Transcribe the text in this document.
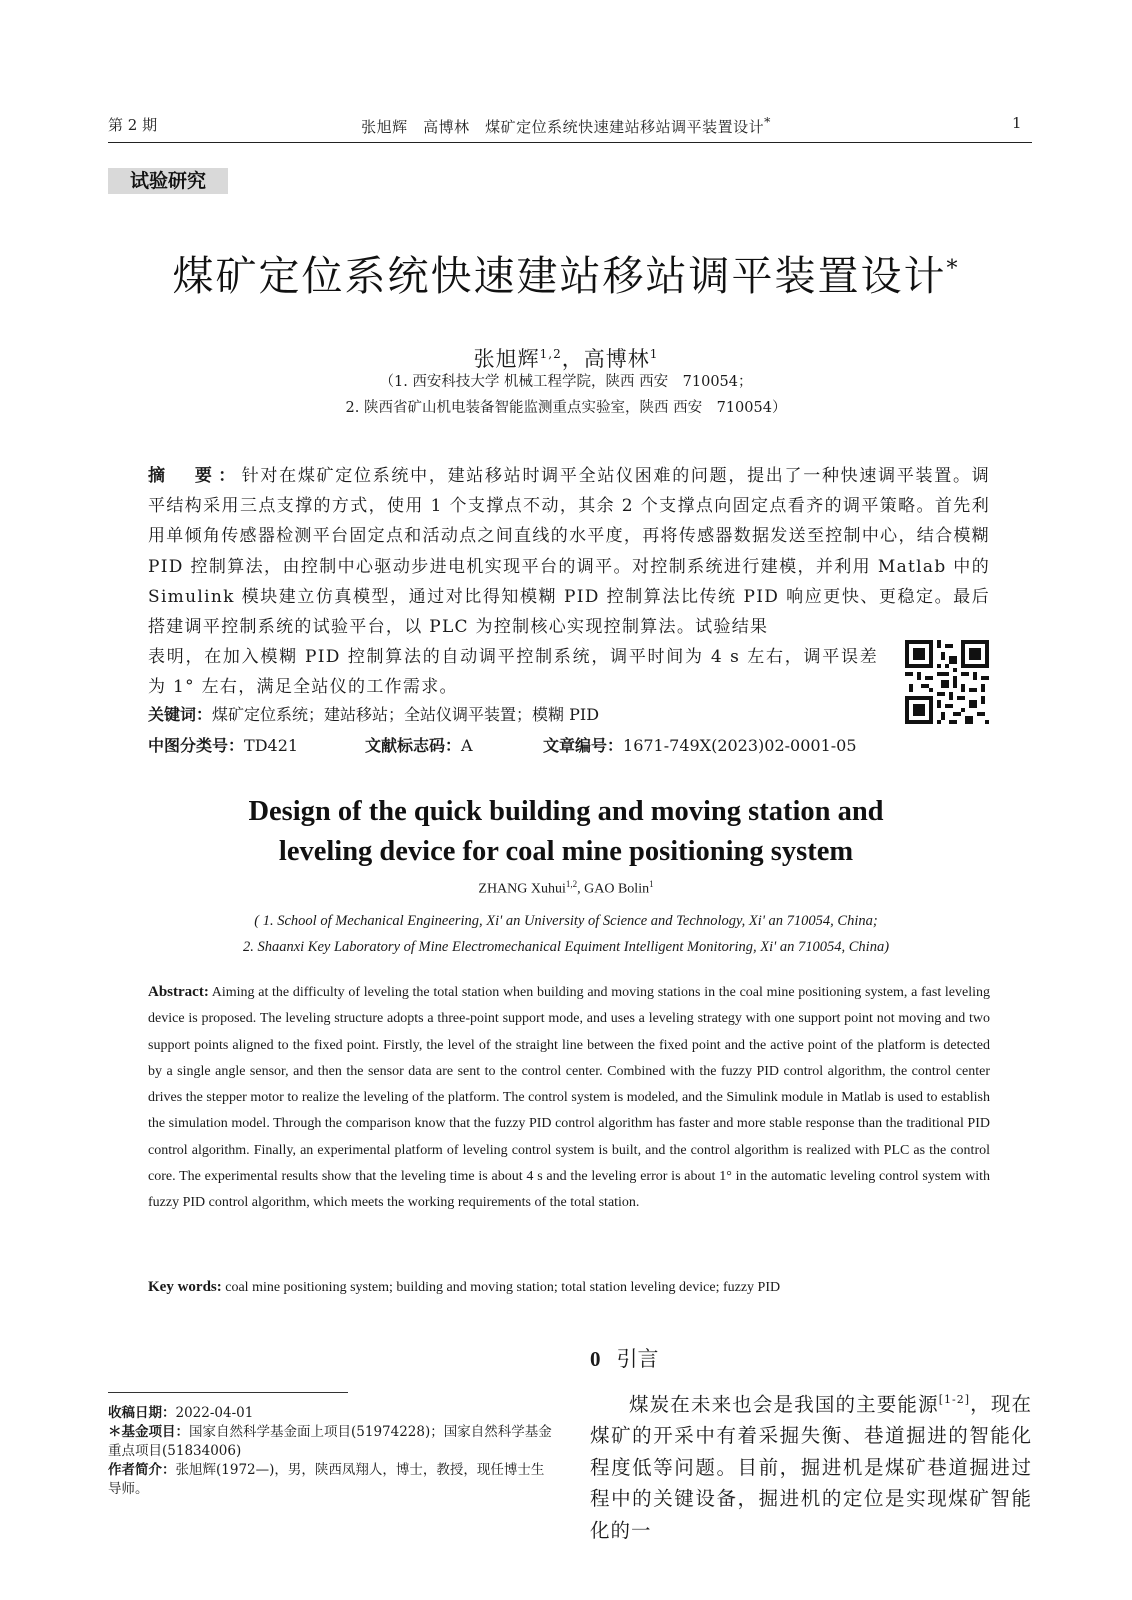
第 2 期	张旭辉　高博林　煤矿定位系统快速建站移站调平装置设计*	1
试验研究
煤矿定位系统快速建站移站调平装置设计*
张旭辉$^{1,2}$，高博林$^1$
（1. 西安科技大学 机械工程学院，陕西 西安　710054；
2. 陕西省矿山机电装备智能监测重点实验室，陕西 西安　710054）
摘　要：针对在煤矿定位系统中，建站移站时调平全站仪困难的问题，提出了一种快速调平装置。调平结构采用三点支撑的方式，使用 1 个支撑点不动，其余 2 个支撑点向固定点看齐的调平策略。首先利用单倾角传感器检测平台固定点和活动点之间直线的水平度，再将传感器数据发送至控制中心，结合模糊 PID 控制算法，由控制中心驱动步进电机实现平台的调平。对控制系统进行建模，并利用 Matlab 中的 Simulink 模块建立仿真模型，通过对比得知模糊 PID 控制算法比传统 PID 响应更快、更稳定。最后搭建调平控制系统的试验平台，以 PLC 为控制核心实现控制算法。试验结果
表明，在加入模糊 PID 控制算法的自动调平控制系统，调平时间为 4 s 左右，调平误差为 1° 左右，满足全站仪的工作需求。
关键词：煤矿定位系统；建站移站；全站仪调平装置；模糊 PID
中图分类号：TD421	文献标志码：A	文章编号：1671-749X(2023)02-0001-05
Design of the quick building and moving station and
leveling device for coal mine positioning system
ZHANG Xuhui$^{1,2}$, GAO Bolin$^1$
( 1. School of Mechanical Engineering, Xi' an University of Science and Technology, Xi' an 710054, China;
2. Shaanxi Key Laboratory of Mine Electromechanical Equiment Intelligent Monitoring, Xi' an 710054, China)
Abstract: Aiming at the difficulty of leveling the total station when building and moving stations in the coal mine positioning system, a fast leveling device is proposed. The leveling structure adopts a three-point support mode, and uses a leveling strategy with one support point not moving and two support points aligned to the fixed point. Firstly, the level of the straight line between the fixed point and the active point of the platform is detected by a single angle sensor, and then the sensor data are sent to the control center. Combined with the fuzzy PID control algorithm, the control center drives the stepper motor to realize the leveling of the platform. The control system is modeled, and the Simulink module in Matlab is used to establish the simulation model. Through the comparison know that the fuzzy PID control algorithm has faster and more stable response than the traditional PID control algorithm. Finally, an experimental platform of leveling control system is built, and the control algorithm is realized with PLC as the control core. The experimental results show that the leveling time is about 4 s and the leveling error is about 1° in the automatic leveling control system with fuzzy PID control algorithm, which meets the working requirements of the total station.
Key words: coal mine positioning system; building and moving station; total station leveling device; fuzzy PID
0 引言
煤炭在未来也会是我国的主要能源[1-2]，现在煤矿的开采中有着采掘失衡、巷道掘进的智能化程度低等问题。目前，掘进机是煤矿巷道掘进过程中的关键设备，掘进机的定位是实现煤矿智能化的一
收稿日期：2022-04-01
＊基金项目：国家自然科学基金面上项目(51974228)；国家自然科学基金重点项目(51834006)
作者简介：张旭辉(1972—)，男，陕西凤翔人，博士，教授，现任博士生导师。
